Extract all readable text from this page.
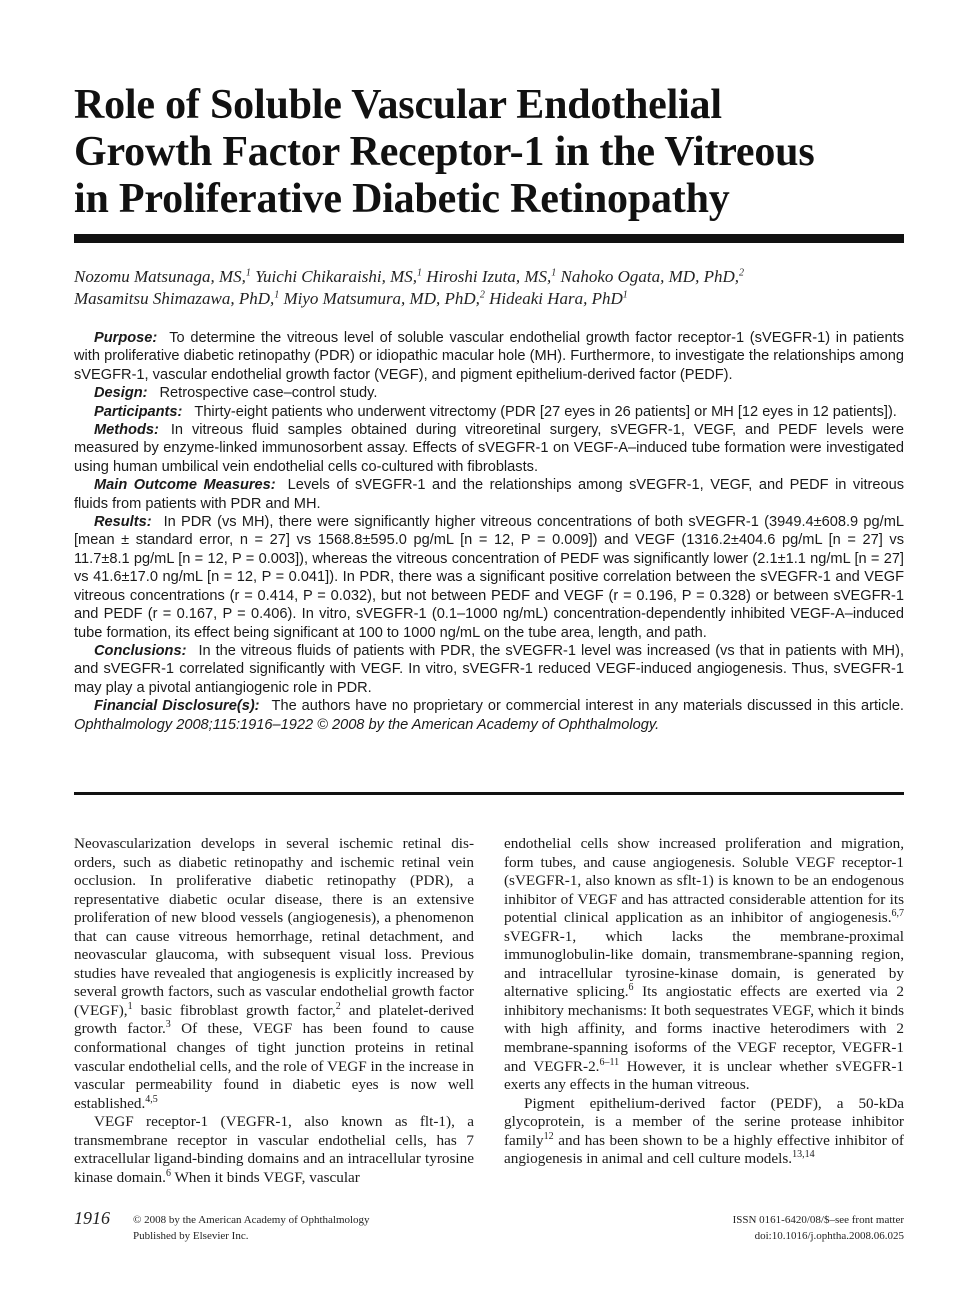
Role of Soluble Vascular Endothelial
Growth Factor Receptor-1 in the Vitreous
in Proliferative Diabetic Retinopathy
Nozomu Matsunaga, MS,$^1$ Yuichi Chikaraishi, MS,$^1$ Hiroshi Izuta, MS,$^1$ Nahoko Ogata, MD, PhD,$^2$
Masamitsu Shimazawa, PhD,$^1$ Miyo Matsumura, MD, PhD,$^2$ Hideaki Hara, PhD$^1$

Purpose: To determine the vitreous level of soluble vascular endothelial growth factor receptor-1 (sVEGFR-1) in patients with proliferative diabetic retinopathy (PDR) or idiopathic macular hole (MH). Furthermore, to investigate the relationships among sVEGFR-1, vascular endothelial growth factor (VEGF), and pigment epithelium-derived factor (PEDF).

Design: Retrospective case–control study.

Participants: Thirty-eight patients who underwent vitrectomy (PDR [27 eyes in 26 patients] or MH [12 eyes in 12 patients]).

Methods: In vitreous fluid samples obtained during vitreoretinal surgery, sVEGFR-1, VEGF, and PEDF levels were measured by enzyme-linked immunosorbent assay. Effects of sVEGFR-1 on VEGF-A–induced tube formation were investigated using human umbilical vein endothelial cells co-cultured with fibroblasts.

Main Outcome Measures: Levels of sVEGFR-1 and the relationships among sVEGFR-1, VEGF, and PEDF in vitreous fluids from patients with PDR and MH.

Results: In PDR (vs MH), there were significantly higher vitreous concentrations of both sVEGFR-1 (3949.4±608.9 pg/mL [mean ± standard error, n = 27] vs 1568.8±595.0 pg/mL [n = 12, P = 0.009]) and VEGF (1316.2±404.6 pg/mL [n = 27] vs 11.7±8.1 pg/mL [n = 12, P = 0.003]), whereas the vitreous concentration of PEDF was significantly lower (2.1±1.1 ng/mL [n = 27] vs 41.6±17.0 ng/mL [n = 12, P = 0.041]). In PDR, there was a significant positive correlation between the sVEGFR-1 and VEGF vitreous concentrations (r = 0.414, P = 0.032), but not between PEDF and VEGF (r = 0.196, P = 0.328) or between sVEGFR-1 and PEDF (r = 0.167, P = 0.406). In vitro, sVEGFR-1 (0.1–1000 ng/mL) concentration-dependently inhibited VEGF-A–induced tube formation, its effect being significant at 100 to 1000 ng/mL on the tube area, length, and path.

Conclusions: In the vitreous fluids of patients with PDR, the sVEGFR-1 level was increased (vs that in patients with MH), and sVEGFR-1 correlated significantly with VEGF. In vitro, sVEGFR-1 reduced VEGF-induced angiogenesis. Thus, sVEGFR-1 may play a pivotal antiangiogenic role in PDR.

Financial Disclosure(s): The authors have no proprietary or commercial interest in any materials discussed in this article. Ophthalmology 2008;115:1916–1922 © 2008 by the American Academy of Ophthalmology.

Neovascularization develops in several ischemic retinal disorders, such as diabetic retinopathy and ischemic retinal vein occlusion. In proliferative diabetic retinopathy (PDR), a representative diabetic ocular disease, there is an extensive proliferation of new blood vessels (angiogenesis), a phenomenon that can cause vitreous hemorrhage, retinal detachment, and neovascular glaucoma, with subsequent visual loss. Previous studies have revealed that angiogenesis is explicitly increased by several growth factors, such as vascular endothelial growth factor (VEGF),$^1$ basic fibroblast growth factor,$^2$ and platelet-derived growth factor.$^3$ Of these, VEGF has been found to cause conformational changes of tight junction proteins in retinal vascular endothelial cells, and the role of VEGF in the increase in vascular permeability found in diabetic eyes is now well established.$^{4,5}$

VEGF receptor-1 (VEGFR-1, also known as flt-1), a transmembrane receptor in vascular endothelial cells, has 7 extracellular ligand-binding domains and an intracellular tyrosine kinase domain.$^6$ When it binds VEGF, vascular

endothelial cells show increased proliferation and migration, form tubes, and cause angiogenesis. Soluble VEGF receptor-1 (sVEGFR-1, also known as sflt-1) is known to be an endogenous inhibitor of VEGF and has attracted considerable attention for its potential clinical application as an inhibitor of angiogenesis.$^{6,7}$ sVEGFR-1, which lacks the membrane-proximal immunoglobulin-like domain, transmembrane-spanning region, and intracellular tyrosine-kinase domain, is generated by alternative splicing.$^6$ Its angiostatic effects are exerted via 2 inhibitory mechanisms: It both sequestrates VEGF, which it binds with high affinity, and forms inactive heterodimers with 2 membrane-spanning isoforms of the VEGF receptor, VEGFR-1 and VEGFR-2.$^{6-11}$ However, it is unclear whether sVEGFR-1 exerts any effects in the human vitreous.

Pigment epithelium-derived factor (PEDF), a 50-kDa glycoprotein, is a member of the serine protease inhibitor family$^{12}$ and has been shown to be a highly effective inhibitor of angiogenesis in animal and cell culture models.$^{13,14}$

1916 © 2008 by the American Academy of Ophthalmology
Published by Elsevier Inc.
ISSN 0161-6420/08/$–see front matter
doi:10.1016/j.ophtha.2008.06.025
